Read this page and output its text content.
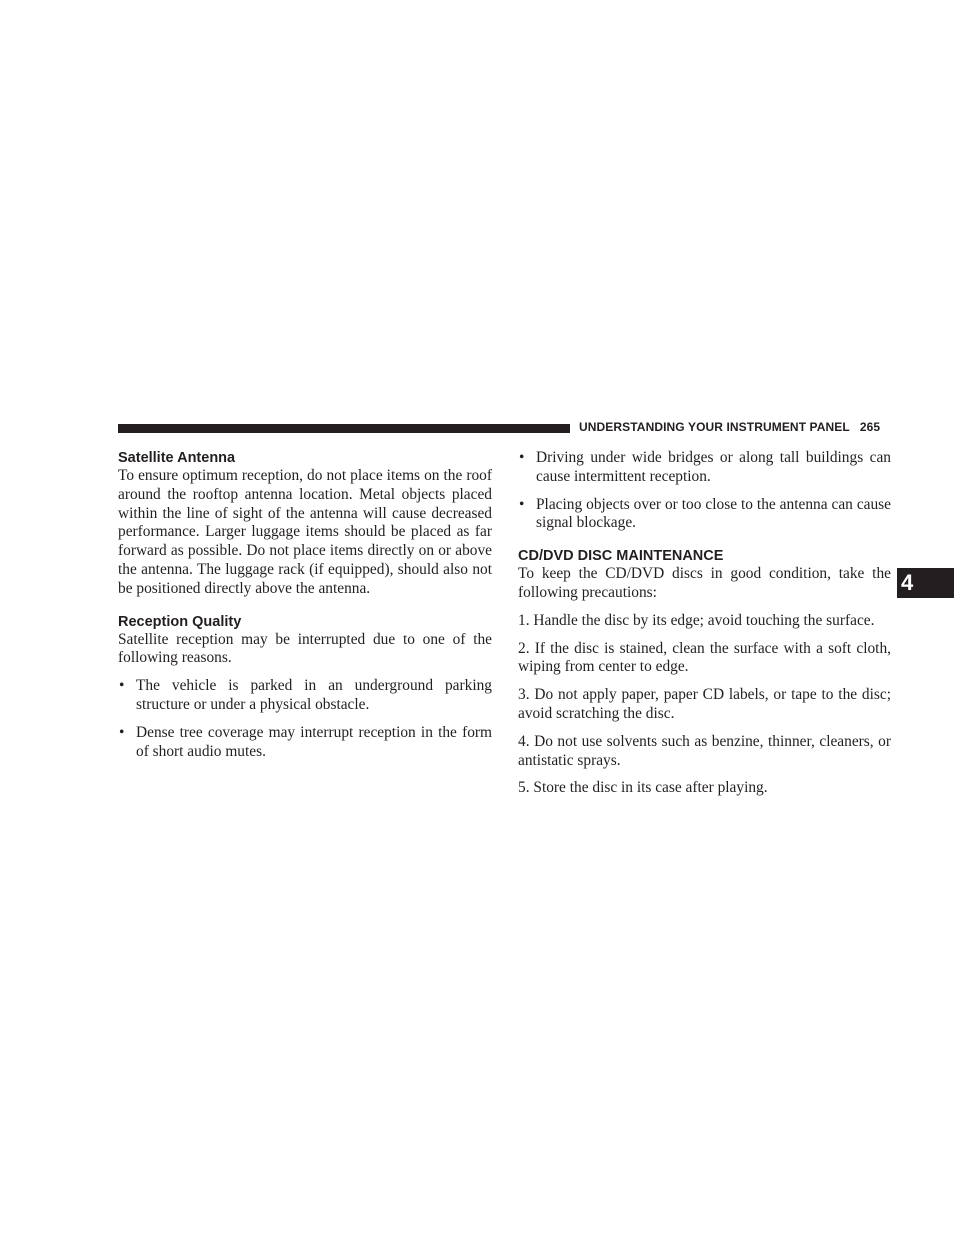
UNDERSTANDING YOUR INSTRUMENT PANEL 265
4
Satellite Antenna

To ensure optimum reception, do not place items on the roof around the rooftop antenna location. Metal objects placed within the line of sight of the antenna will cause decreased performance. Larger luggage items should be placed as far forward as possible. Do not place items directly on or above the antenna. The luggage rack (if equipped), should also not be positioned directly above the antenna.

Reception Quality

Satellite reception may be interrupted due to one of the following reasons.

• The vehicle is parked in an underground parking structure or under a physical obstacle.
• Dense tree coverage may interrupt reception in the form of short audio mutes.
• Driving under wide bridges or along tall buildings can cause intermittent reception.
• Placing objects over or too close to the antenna can cause signal blockage.
CD/DVD DISC MAINTENANCE

To keep the CD/DVD discs in good condition, take the following precautions:

1. Handle the disc by its edge; avoid touching the surface.

2. If the disc is stained, clean the surface with a soft cloth, wiping from center to edge.

3. Do not apply paper, paper CD labels, or tape to the disc; avoid scratching the disc.

4. Do not use solvents such as benzine, thinner, cleaners, or antistatic sprays.

5. Store the disc in its case after playing.
